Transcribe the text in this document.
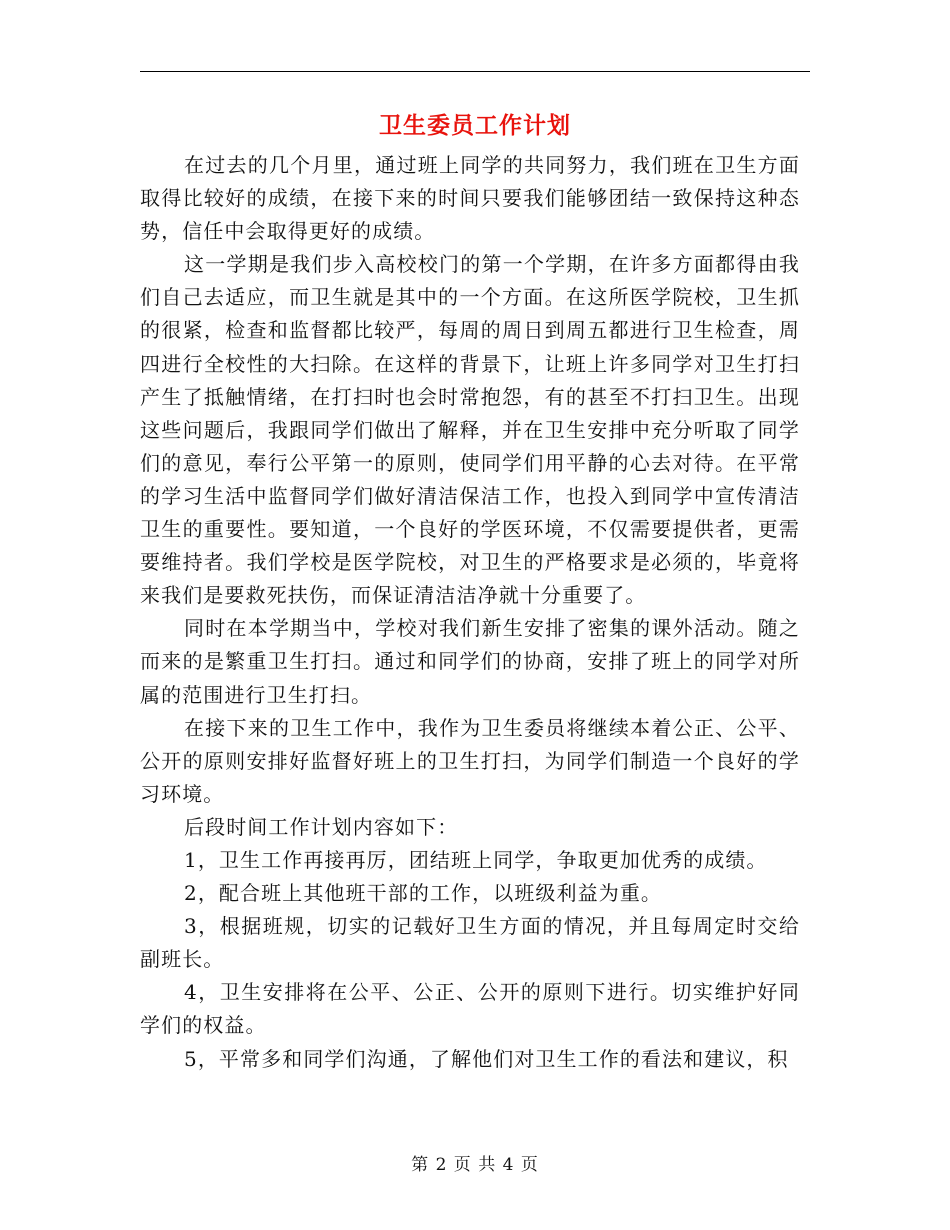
卫生委员工作计划

在过去的几个月里，通过班上同学的共同努力，我们班在卫生方面取得比较好的成绩，在接下来的时间只要我们能够团结一致保持这种态势，信任中会取得更好的成绩。

这一学期是我们步入高校校门的第一个学期，在许多方面都得由我们自己去适应，而卫生就是其中的一个方面。在这所医学院校，卫生抓的很紧，检查和监督都比较严，每周的周日到周五都进行卫生检查，周四进行全校性的大扫除。在这样的背景下，让班上许多同学对卫生打扫产生了抵触情绪，在打扫时也会时常抱怨，有的甚至不打扫卫生。出现这些问题后，我跟同学们做出了解释，并在卫生安排中充分听取了同学们的意见，奉行公平第一的原则，使同学们用平静的心去对待。在平常的学习生活中监督同学们做好清洁保洁工作，也投入到同学中宣传清洁卫生的重要性。要知道，一个良好的学医环境，不仅需要提供者，更需要维持者。我们学校是医学院校，对卫生的严格要求是必须的，毕竟将来我们是要救死扶伤，而保证清洁洁净就十分重要了。

同时在本学期当中，学校对我们新生安排了密集的课外活动。随之而来的是繁重卫生打扫。通过和同学们的协商，安排了班上的同学对所属的范围进行卫生打扫。

在接下来的卫生工作中，我作为卫生委员将继续本着公正、公平、公开的原则安排好监督好班上的卫生打扫，为同学们制造一个良好的学习环境。

后段时间工作计划内容如下：

1，卫生工作再接再厉，团结班上同学，争取更加优秀的成绩。

2，配合班上其他班干部的工作，以班级利益为重。

3，根据班规，切实的记载好卫生方面的情况，并且每周定时交给副班长。

4，卫生安排将在公平、公正、公开的原则下进行。切实维护好同学们的权益。

5，平常多和同学们沟通，了解他们对卫生工作的看法和建议，积

第 2 页 共 4 页
